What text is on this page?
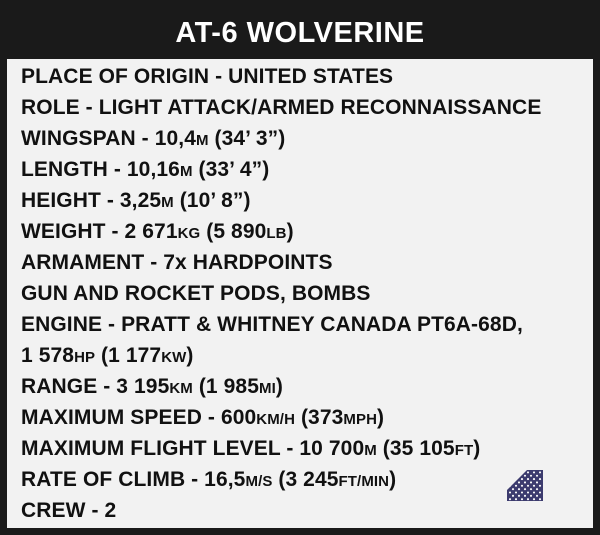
AT-6 WOLVERINE
PLACE OF ORIGIN - UNITED STATES
ROLE - LIGHT ATTACK/ARMED RECONNAISSANCE
WINGSPAN - 10,4M (34’ 3”)
LENGTH - 10,16M (33’ 4”)
HEIGHT - 3,25M (10’ 8”)
WEIGHT - 2 671KG (5 890LB)
ARMAMENT - 7x HARDPOINTS
GUN AND ROCKET PODS, BOMBS
ENGINE - PRATT & WHITNEY CANADA PT6A-68D,
1 578HP (1 177KW)
RANGE - 3 195KM (1 985MI)
MAXIMUM SPEED - 600KM/H (373MPH)
MAXIMUM FLIGHT LEVEL - 10 700M (35 105FT)
RATE OF CLIMB - 16,5M/S (3 245FT/MIN)
CREW - 2
